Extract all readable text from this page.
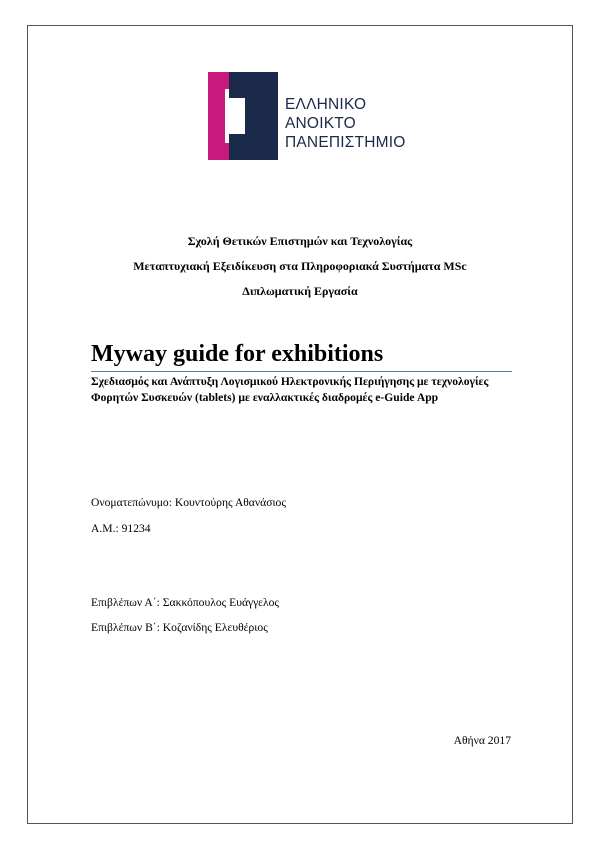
ΕΛΛΗΝΙΚΟ
ΑΝΟΙΚΤΟ
ΠΑΝΕΠΙΣΤΗΜΙΟ
Σχολή Θετικών Επιστημών και Τεχνολογίας
Μεταπτυχιακή Εξειδίκευση στα Πληροφοριακά Συστήματα MSc
Διπλωματική Εργασία
Myway guide for exhibitions
Σχεδιασμός και Ανάπτυξη Λογισμικού Ηλεκτρονικής Περιήγησης με τεχνολογίες Φορητών Συσκευών (tablets) με εναλλακτικές διαδρομές e-Guide App
Ονοματεπώνυμο: Κουντούρης Αθανάσιος
Α.Μ.: 91234
Επιβλέπων Α΄: Σακκόπουλος Ευάγγελος
Επιβλέπων Β΄: Κοζανίδης Ελευθέριος
Αθήνα 2017
